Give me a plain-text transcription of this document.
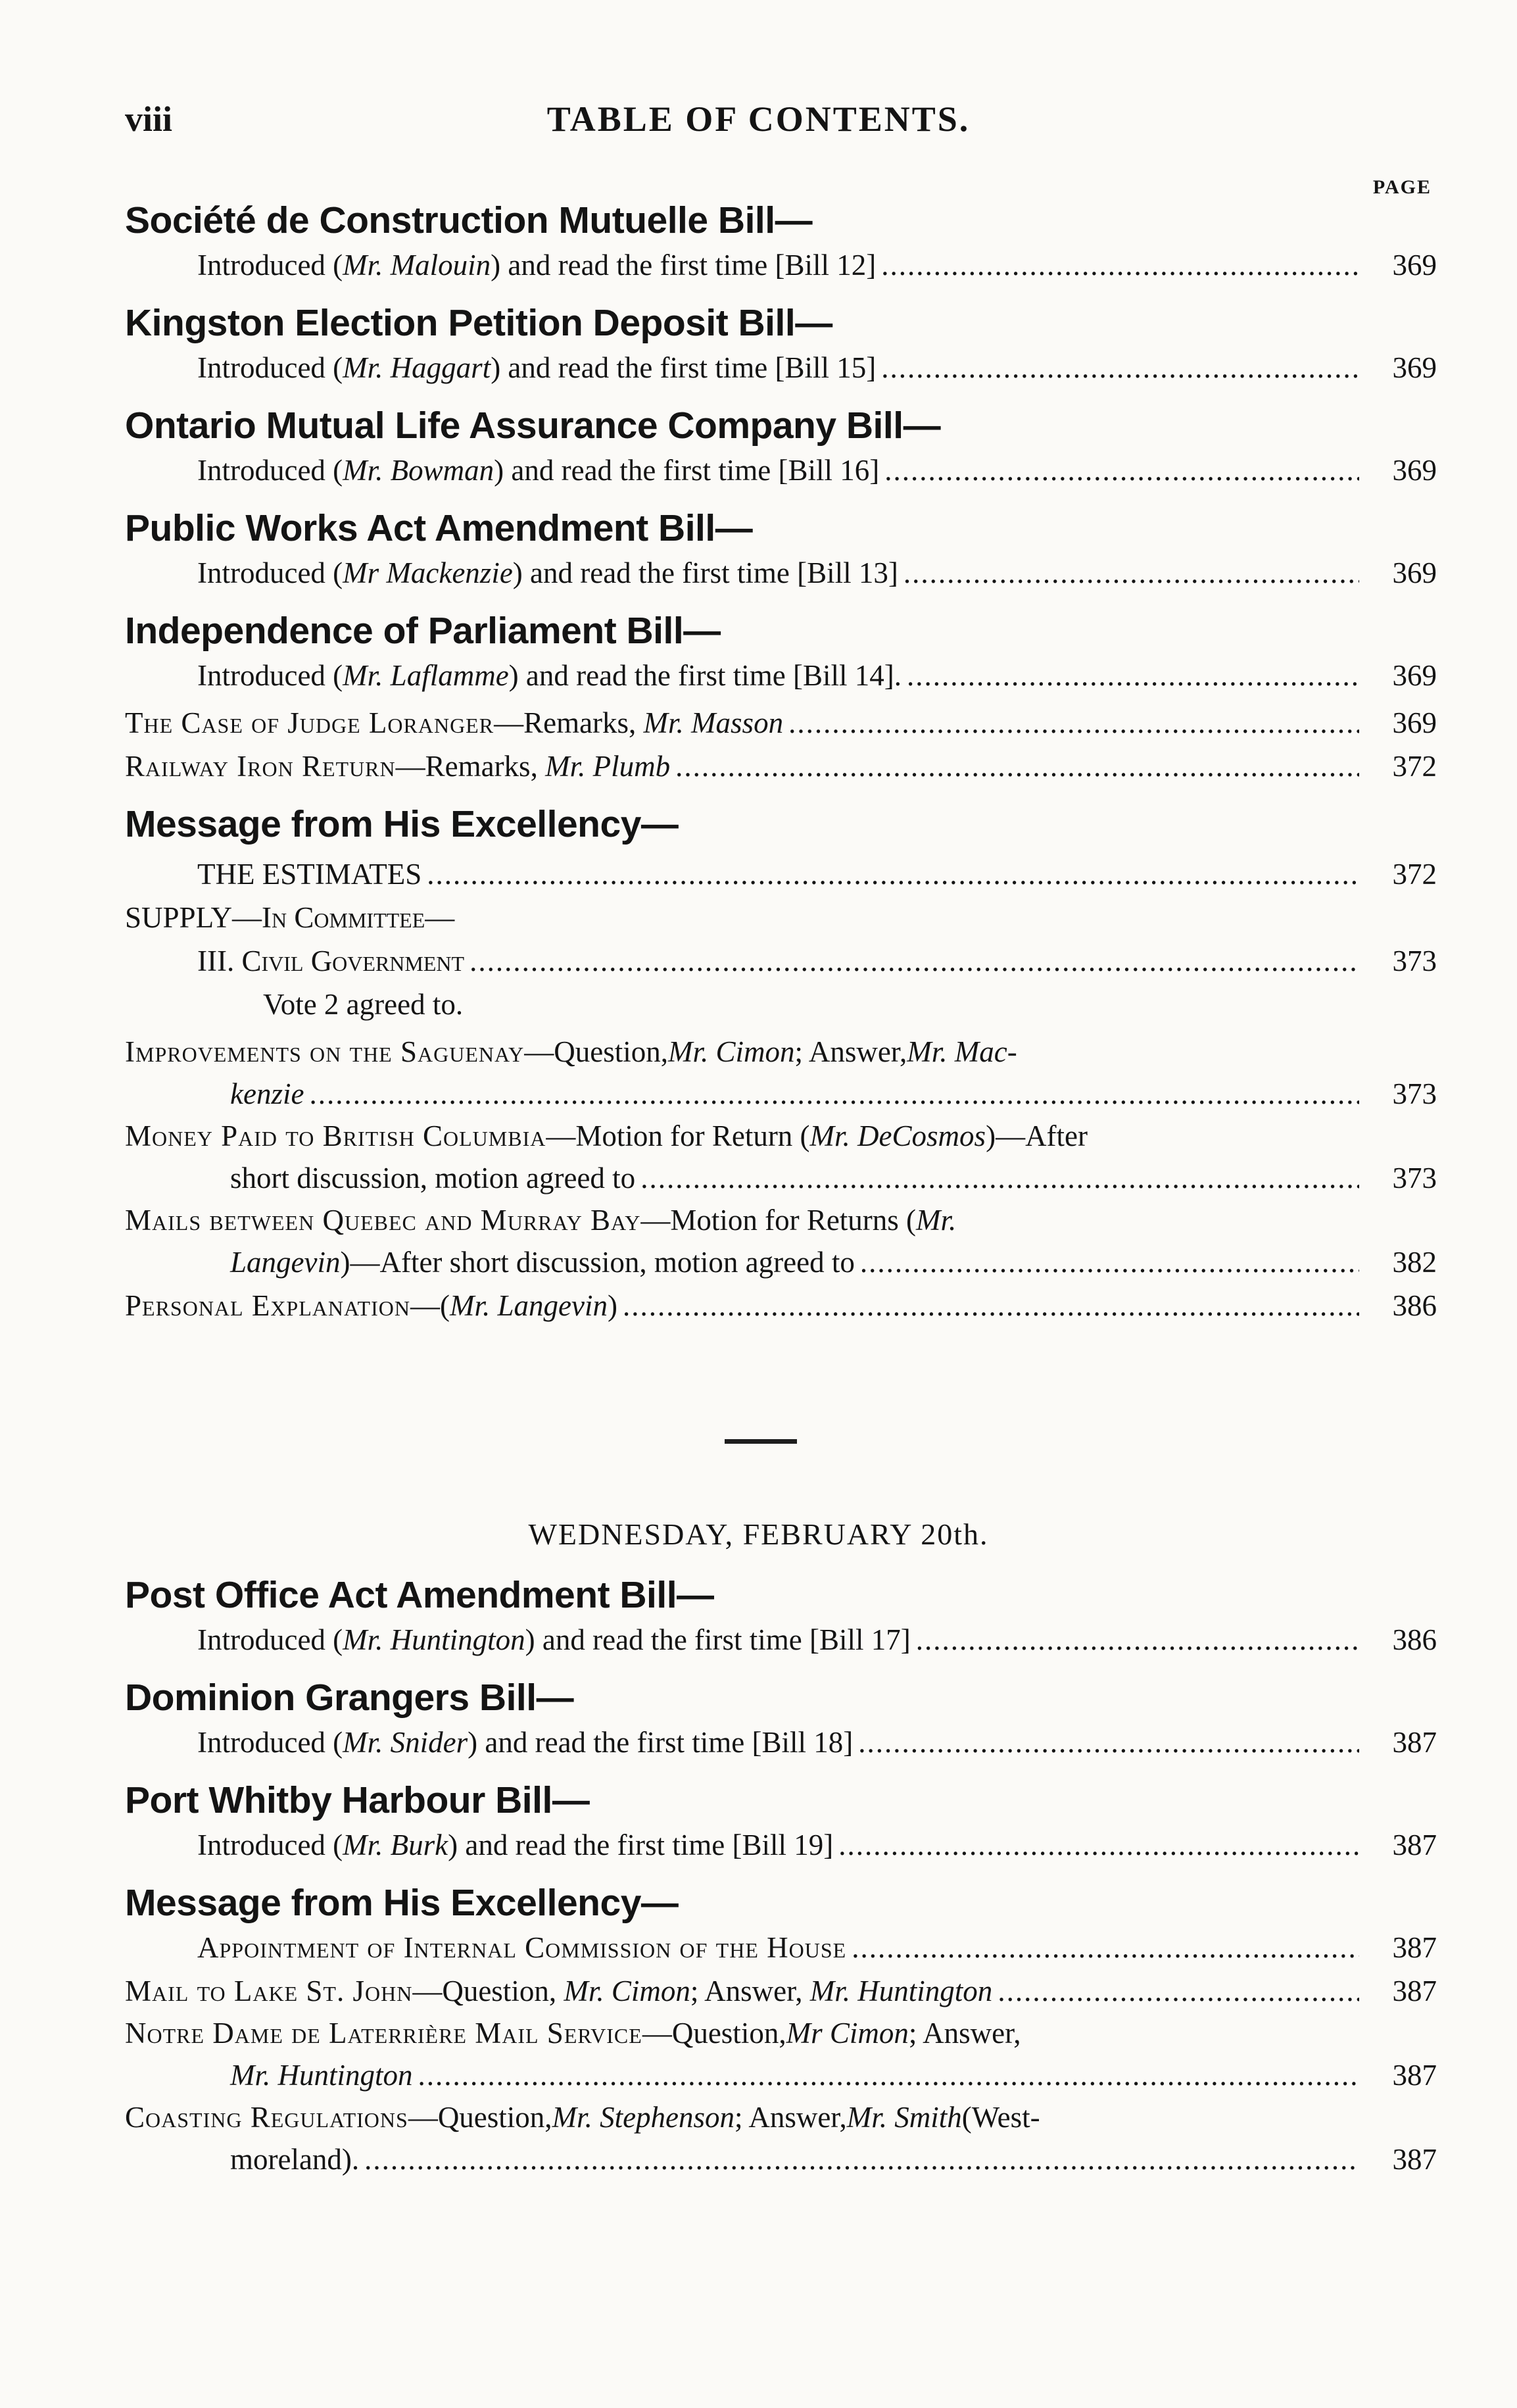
viii	TABLE OF CONTENTS.
PAGE
Société de Construction Mutuelle Bill—
Introduced (Mr. Malouin) and read the first time [Bill 12] .....	369
Kingston Election Petition Deposit Bill—
Introduced (Mr. Haggart) and read the first time [Bill 15] .....	369
Ontario Mutual Life Assurance Company Bill—
Introduced (Mr. Bowman) and read the first time [Bill 16] .....	369
Public Works Act Amendment Bill—
Introduced (Mr Mackenzie) and read the first time [Bill 13] .....	369
Independence of Parliament Bill—
Introduced (Mr. Laflamme) and read the first time [Bill 14]. .....	369
The Case of Judge Loranger—Remarks, Mr. Masson .....	369
Railway Iron Return—Remarks, Mr. Plumb .....	372
Message from His Excellency—
THE ESTIMATES .....	372
SUPPLY—In Committee—
III. Civil Government .....	373
Vote 2 agreed to.
Improvements on the Saguenay —Question, Mr. Cimon ; Answer, Mr. Mac-
kenzie .....	373
Money Paid to British Columbia —Motion for Return ( Mr. DeCosmos )—After
short discussion, motion agreed to .....	373
Mails between Quebec and Murray Bay —Motion for Returns ( Mr.
Langevin)—After short discussion, motion agreed to .....	382
Personal Explanation—(Mr. Langevin) .....	386
WEDNESDAY, FEBRUARY 20th.
Post Office Act Amendment Bill—
Introduced (Mr. Huntington) and read the first time [Bill 17] .....	386
Dominion Grangers Bill—
Introduced (Mr. Snider) and read the first time [Bill 18] .....	387
Port Whitby Harbour Bill—
Introduced (Mr. Burk) and read the first time [Bill 19] .....	387
Message from His Excellency—
Appointment of Internal Commission of the House .....	387
Mail to Lake St. John—Question, Mr. Cimon; Answer, Mr. Huntington .....	387
Notre Dame de Laterrière Mail Service —Question, Mr Cimon ; Answer,
Mr. Huntington .....	387
Coasting Regulations —Question, Mr. Stephenson ; Answer, Mr. Smith (West-
moreland). .....	387
